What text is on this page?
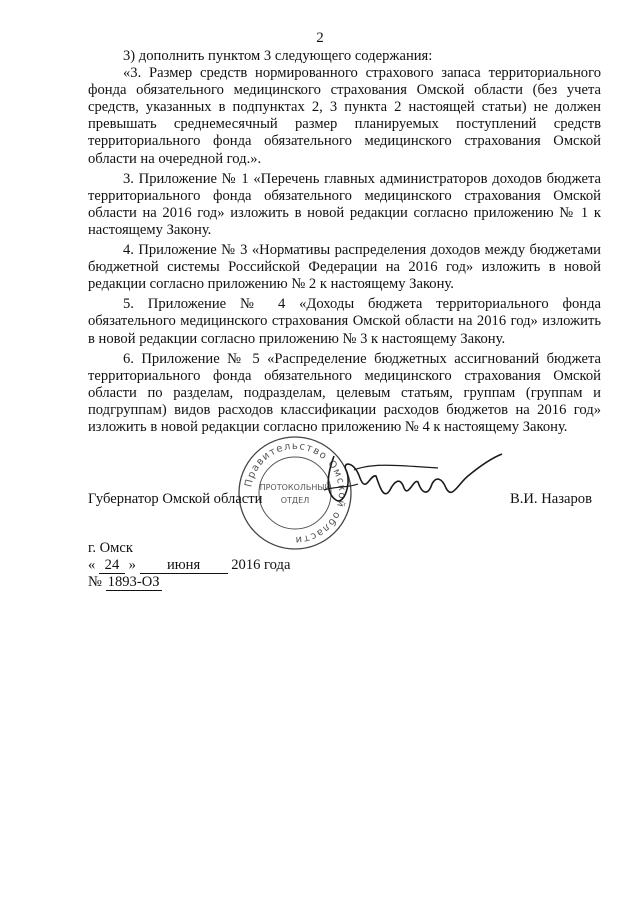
2

3) дополнить пунктом 3 следующего содержания:

«3. Размер средств нормированного страхового запаса территориального фонда обязательного медицинского страхования Омской области (без учета средств, указанных в подпунктах 2, 3 пункта 2 настоящей статьи) не должен превышать среднемесячный размер планируемых поступлений средств территориального фонда обязательного медицинского страхования Омской области на очередной год.».

3. Приложение № 1 «Перечень главных администраторов доходов бюджета территориального фонда обязательного медицинского страхования Омской области на 2016 год» изложить в новой редакции согласно приложению № 1 к настоящему Закону.

4. Приложение № 3 «Нормативы распределения доходов между бюджетами бюджетной системы Российской Федерации на 2016 год» изложить в новой редакции согласно приложению № 2 к настоящему Закону.

5. Приложение № 4 «Доходы бюджета территориального фонда обязательного медицинского страхования Омской области на 2016 год» изложить в новой редакции согласно приложению № 3 к настоящему Закону.

6. Приложение № 5 «Распределение бюджетных ассигнований бюджета территориального фонда обязательного медицинского страхования Омской области по разделам, подразделам, целевым статьям, группам (группам и подгруппам) видов расходов классификации расходов бюджетов на 2016 год» изложить в новой редакции согласно приложению № 4 к настоящему Закону.

Правительство Омской области
ПРОТОКОЛЬНЫЙ
ОТДЕЛ
Губернатор Омской области	В.И. Назаров
г. Омск
« 24 » июня 2016 года
№ 1893-ОЗ
